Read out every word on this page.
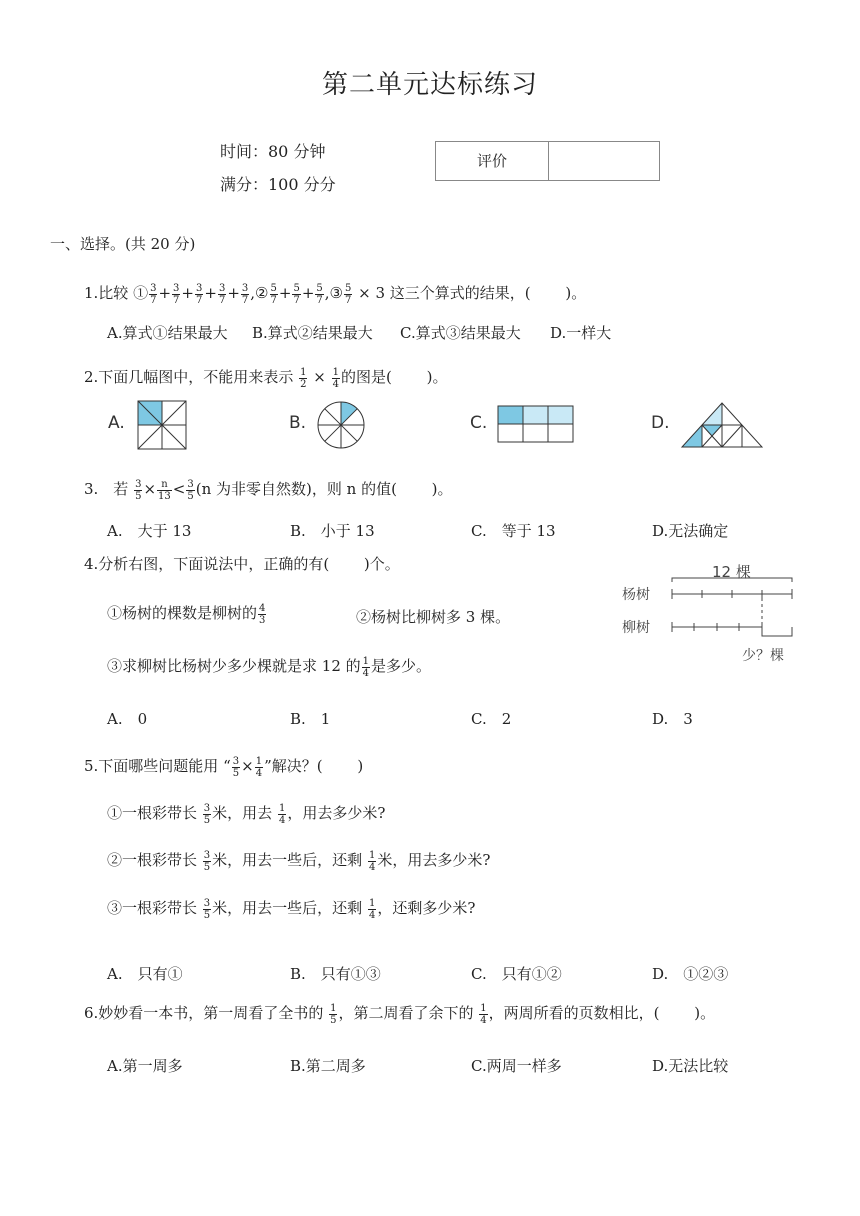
第二单元达标练习
时间：80 分钟
满分：100 分分
评价
一、选择。(共 20 分)
1.比较 ① $\frac{3}{7} + \frac{3}{7} + \frac{3}{7} + \frac{3}{7} + \frac{3}{7}$ ,② $\frac{5}{7} + \frac{5}{7} + \frac{5}{7}$ ,③ $\frac{5}{7} \times 3$ 这三个算式的结果，(　　 )。
A.算式①结果最大 B.算式②结果最大 C.算式③结果最大 D.一样大
2.下面几幅图中，不能用来表示 $\frac{1}{2} \times \frac{1}{4}$ 的图是(　　 )。
A.	B.	C.	D.
3.　若 $\frac{3}{5} \times \frac{n}{13} < \frac{3}{5} (n$ 为非零自然数)，则 n 的值(　　 )。
A.　大于 13	B.　小于 13	C.　等于 13	D.无法确定
4.分析右图，下面说法中，正确的有(　　 )个。
①杨树的棵数是柳树的 $\frac{4}{3}$	②杨树比柳树多 3 棵。
③求柳树比杨树少多少棵就是求 12 的 $\frac{1}{4}$ 是多少。
12 棵
杨树
柳树
少？棵
A.　0	B.　1	C.　2	D.　3
5.下面哪些问题能用 “ $\frac{3}{5} \times \frac{1}{4}$ ”解决？(　　 )
①一根彩带长 $\frac{3}{5}$ 米，用去 $\frac{1}{4}$ ，用去多少米?
②一根彩带长 $\frac{3}{5}$ 米，用去一些后，还剩 $\frac{1}{4}$ 米，用去多少米?
③一根彩带长 $\frac{3}{5}$ 米，用去一些后，还剩 $\frac{1}{4}$ ，还剩多少米?
A.　只有①	B.　只有①③	C.　只有①②	D.　①②③
6.妙妙看一本书，第一周看了全书的 $\frac{1}{5}$ ，第二周看了余下的 $\frac{1}{4}$ ，两周所看的页数相比，(　　 )。
A.第一周多	B.第二周多	C.两周一样多	D.无法比较
